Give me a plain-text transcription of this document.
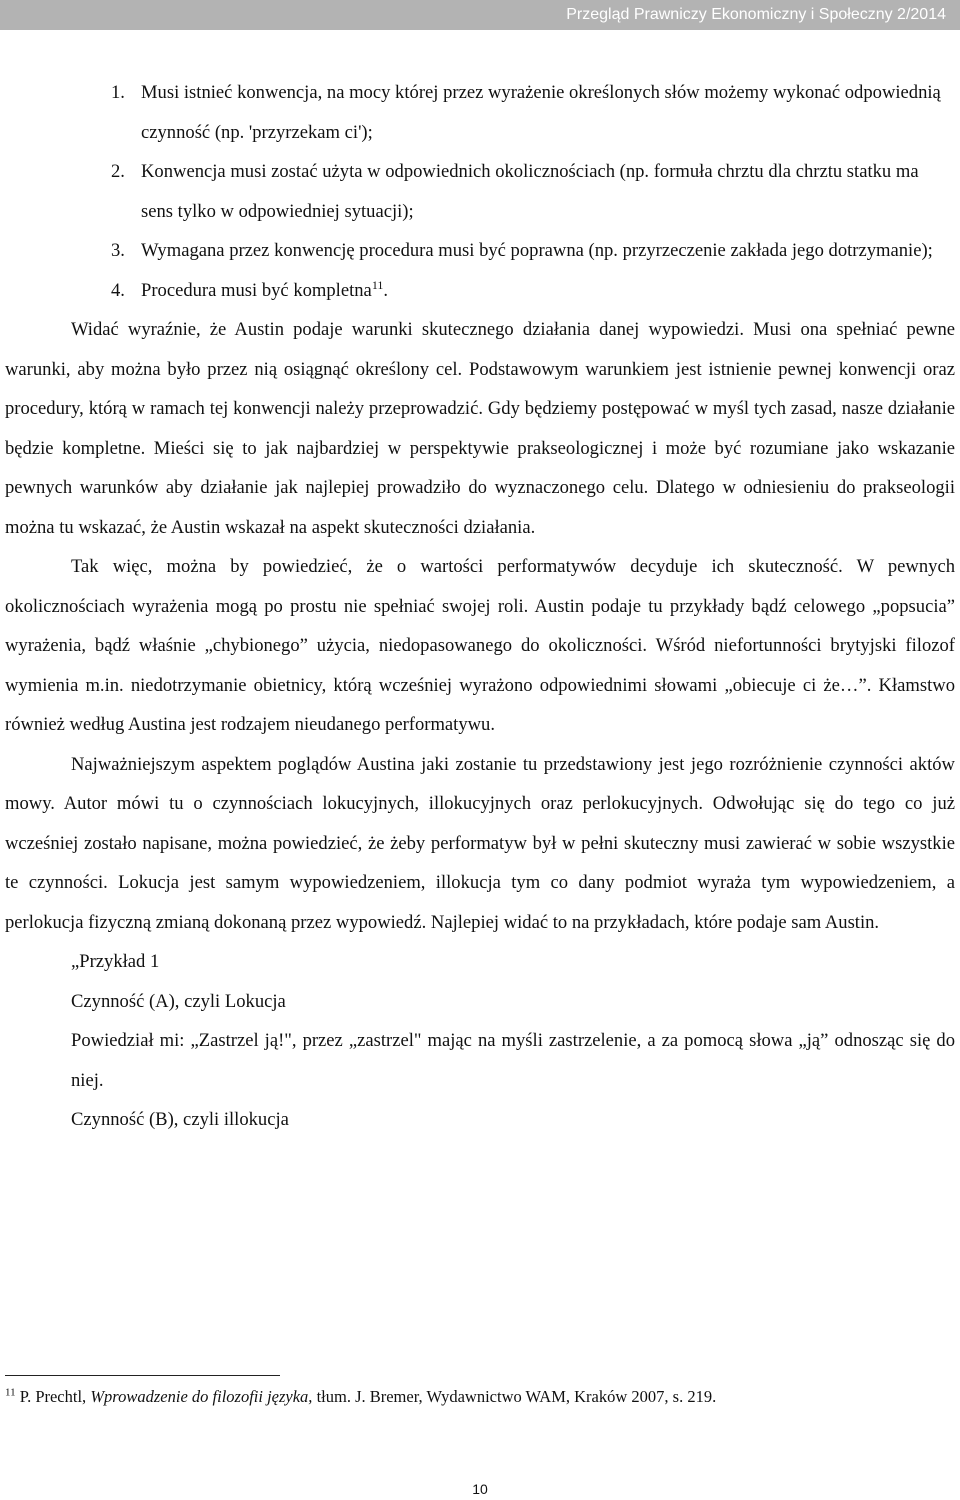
Przegląd Prawniczy Ekonomiczny i Społeczny 2/2014
1. Musi istnieć konwencja, na mocy której przez wyrażenie określonych słów możemy wykonać odpowiednią czynność (np. 'przyrzekam ci');
2. Konwencja musi zostać użyta w odpowiednich okolicznościach (np. formuła chrztu dla chrztu statku ma sens tylko w odpowiedniej sytuacji);
3. Wymagana przez konwencję procedura musi być poprawna (np. przyrzeczenie zakłada jego dotrzymanie);
4. Procedura musi być kompletna$^{11}$.

Widać wyraźnie, że Austin podaje warunki skutecznego działania danej wypowiedzi. Musi ona spełniać pewne warunki, aby można było przez nią osiągnąć określony cel. Podstawowym warunkiem jest istnienie pewnej konwencji oraz procedury, którą w ramach tej konwencji należy przeprowadzić. Gdy będziemy postępować w myśl tych zasad, nasze działanie będzie kompletne. Mieści się to jak najbardziej w perspektywie prakseologicznej i może być rozumiane jako wskazanie pewnych warunków aby działanie jak najlepiej prowadziło do wyznaczonego celu. Dlatego w odniesieniu do prakseologii można tu wskazać, że Austin wskazał na aspekt skuteczności działania.

Tak więc, można by powiedzieć, że o wartości performatywów decyduje ich skuteczność. W pewnych okolicznościach wyrażenia mogą po prostu nie spełniać swojej roli. Austin podaje tu przykłady bądź celowego „popsucia” wyrażenia, bądź właśnie „chybionego” użycia, niedopasowanego do okoliczności. Wśród niefortunności brytyjski filozof wymienia m.in. niedotrzymanie obietnicy, którą wcześniej wyrażono odpowiednimi słowami „obiecuje ci że…”. Kłamstwo również według Austina jest rodzajem nieudanego performatywu.

Najważniejszym aspektem poglądów Austina jaki zostanie tu przedstawiony jest jego rozróżnienie czynności aktów mowy. Autor mówi tu o czynnościach lokucyjnych, illokucyjnych oraz perlokucyjnych. Odwołując się do tego co już wcześniej zostało napisane, można powiedzieć, że żeby performatyw był w pełni skuteczny musi zawierać w sobie wszystkie te czynności. Lokucja jest samym wypowiedzeniem, illokucja tym co dany podmiot wyraża tym wypowiedzeniem, a perlokucja fizyczną zmianą dokonaną przez wypowiedź. Najlepiej widać to na przykładach, które podaje sam Austin.

„Przykład 1
Czynność (A), czyli Lokucja
Powiedział mi: „Zastrzel ją!", przez „zastrzel" mając na myśli zastrzelenie, a za pomocą słowa „ją” odnosząc się do niej.
Czynność (B), czyli illokucja
$^{11}$ P. Prechtl, Wprowadzenie do filozofii języka, tłum. J. Bremer, Wydawnictwo WAM, Kraków 2007, s. 219.
10
